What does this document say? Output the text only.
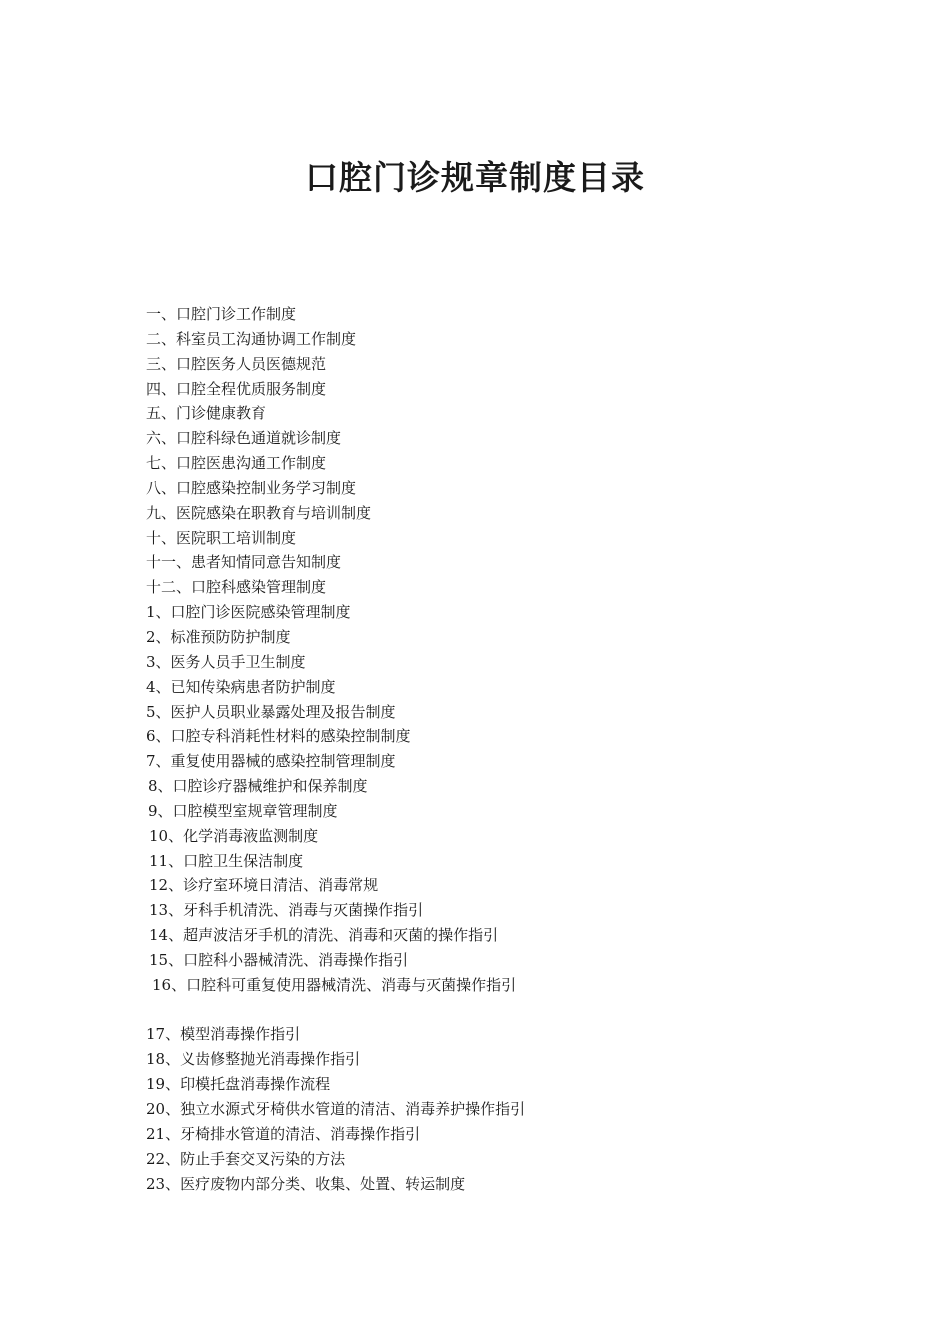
口腔门诊规章制度目录
一、口腔门诊工作制度
二、科室员工沟通协调工作制度
三、口腔医务人员医德规范
四、口腔全程优质服务制度
五、门诊健康教育
六、口腔科绿色通道就诊制度
七、口腔医患沟通工作制度
八、口腔感染控制业务学习制度
九、医院感染在职教育与培训制度
十、医院职工培训制度
十一、患者知情同意告知制度
十二、口腔科感染管理制度
1、口腔门诊医院感染管理制度
2、标准预防防护制度
3、医务人员手卫生制度
4、已知传染病患者防护制度
5、医护人员职业暴露处理及报告制度
6、口腔专科消耗性材料的感染控制制度
7、重复使用器械的感染控制管理制度
8、口腔诊疗器械维护和保养制度
9、口腔模型室规章管理制度
10、化学消毒液监测制度
11、口腔卫生保洁制度
12、诊疗室环境日清洁、消毒常规
13、牙科手机清洗、消毒与灭菌操作指引
14、超声波洁牙手机的清洗、消毒和灭菌的操作指引
15、口腔科小器械清洗、消毒操作指引
16、口腔科可重复使用器械清洗、消毒与灭菌操作指引
17、模型消毒操作指引
18、义齿修整抛光消毒操作指引
19、印模托盘消毒操作流程
20、独立水源式牙椅供水管道的清洁、消毒养护操作指引
21、牙椅排水管道的清洁、消毒操作指引
22、防止手套交叉污染的方法
23、医疗废物内部分类、收集、处置、转运制度
